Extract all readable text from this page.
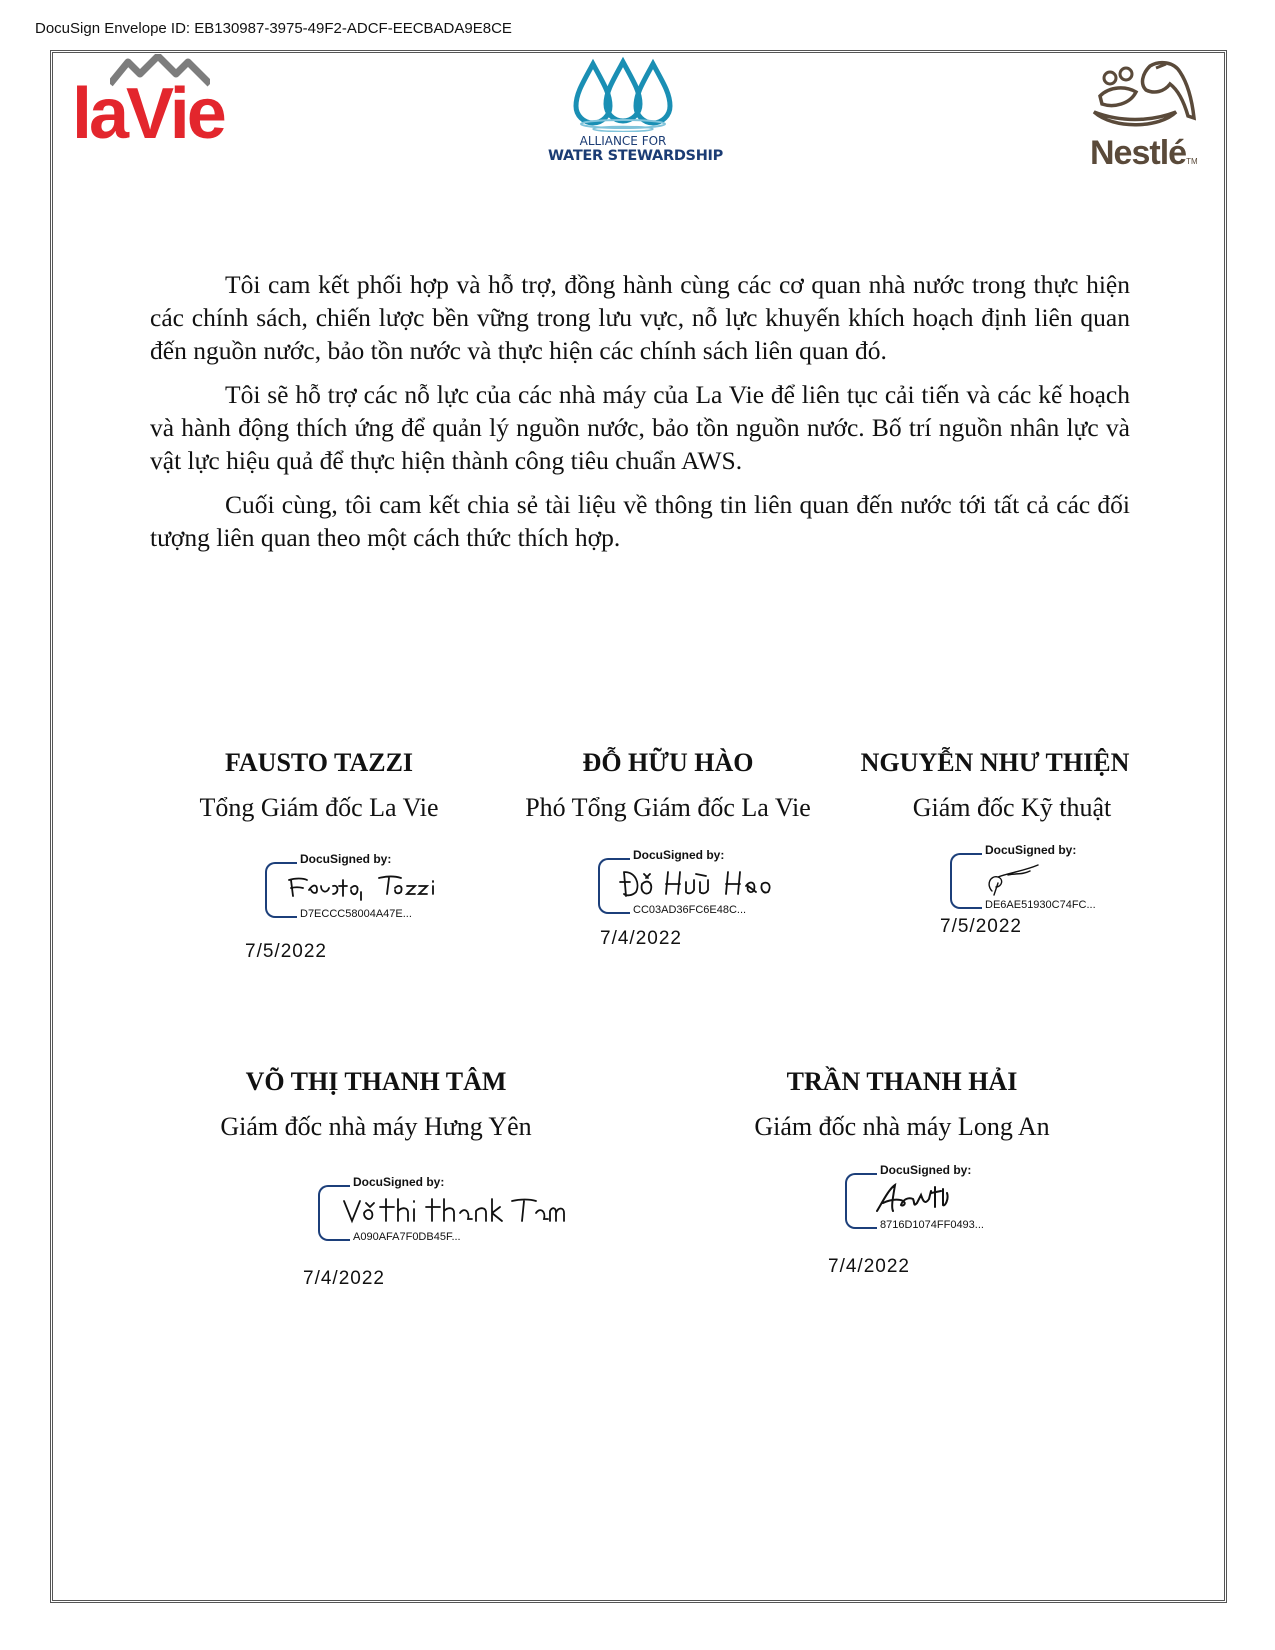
DocuSign Envelope ID: EB130987-3975-49F2-ADCF-EECBADA9E8CE
laVie	ALLIANCE FOR
WATER STEWARDSHIP	NestléTM

Tôi cam kết phối hợp và hỗ trợ, đồng hành cùng các cơ quan nhà nước trong thực hiện các chính sách, chiến lược bền vững trong lưu vực, nỗ lực khuyến khích hoạch định liên quan đến nguồn nước, bảo tồn nước và thực hiện các chính sách liên quan đó.

Tôi sẽ hỗ trợ các nỗ lực của các nhà máy của La Vie để liên tục cải tiến và các kế hoạch và hành động thích ứng để quản lý nguồn nước, bảo tồn nguồn nước. Bố trí nguồn nhân lực và vật lực hiệu quả để thực hiện thành công tiêu chuẩn AWS.

Cuối cùng, tôi cam kết chia sẻ tài liệu về thông tin liên quan đến nước tới tất cả các đối tượng liên quan theo một cách thức thích hợp.

FAUSTO TAZZI
Tổng Giám đốc La Vie
DocuSigned by:
D7ECCC58004A47E...
7/5/2022
ĐỖ HỮU HÀO
Phó Tổng Giám đốc La Vie
DocuSigned by:
CC03AD36FC6E48C...
7/4/2022
NGUYỄN NHƯ THIỆN
Giám đốc Kỹ thuật
DocuSigned by:
DE6AE51930C74FC...
7/5/2022
VÕ THỊ THANH TÂM
Giám đốc nhà máy Hưng Yên
DocuSigned by:
A090AFA7F0DB45F...
7/4/2022
TRẦN THANH HẢI
Giám đốc nhà máy Long An
DocuSigned by:
8716D1074FF0493...
7/4/2022
